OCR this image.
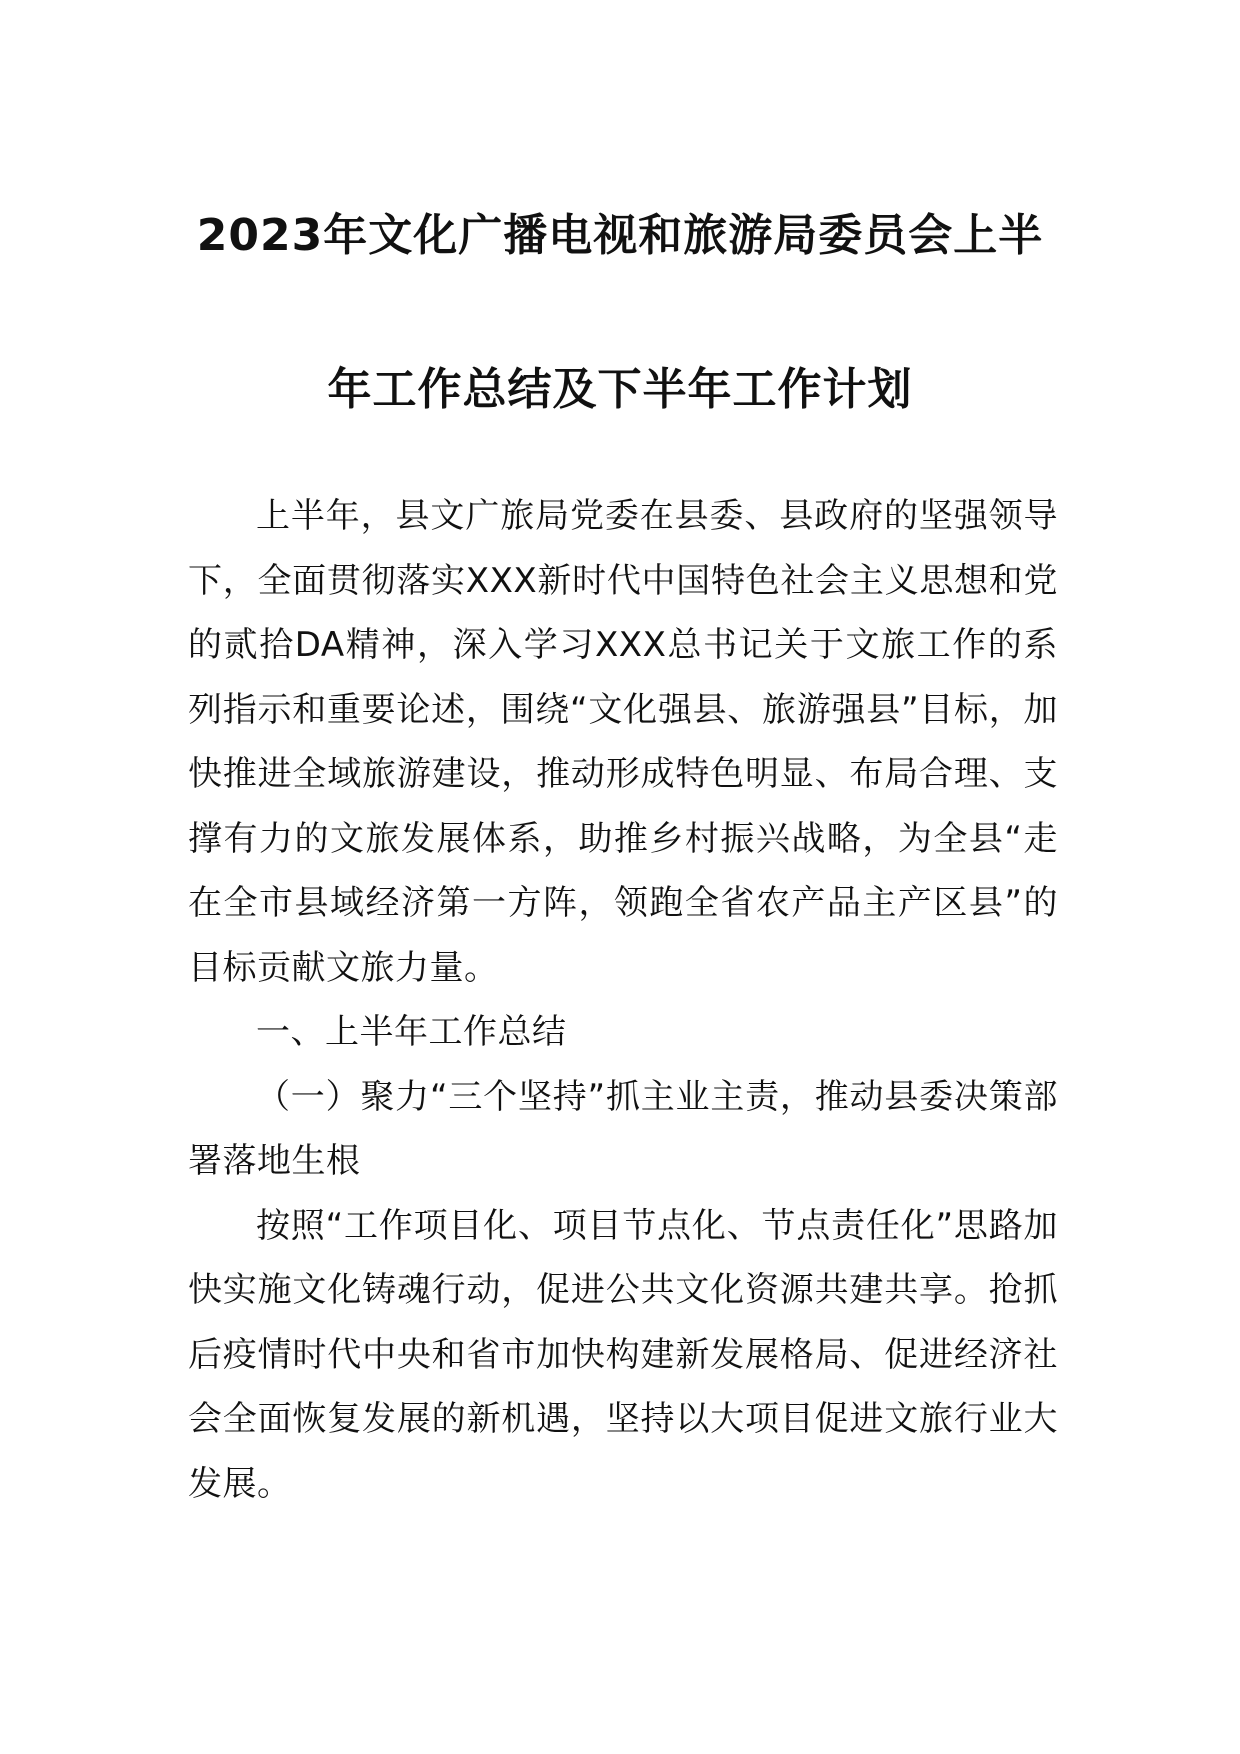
2023年文化广播电视和旅游局委员会上半
年工作总结及下半年工作计划

上半年，县文广旅局党委在县委、县政府的坚强领导下，全面贯彻落实XXX新时代中国特色社会主义思想和党的贰拾DA精神，深入学习XXX总书记关于文旅工作的系列指示和重要论述，围绕“文化强县、旅游强县”目标，加快推进全域旅游建设，推动形成特色明显、布局合理、支撑有力的文旅发展体系，助推乡村振兴战略，为全县“走在全市县域经济第一方阵，领跑全省农产品主产区县”的目标贡献文旅力量。

一、上半年工作总结

（一）聚力“三个坚持”抓主业主责，推动县委决策部署落地生根

按照“工作项目化、项目节点化、节点责任化”思路加快实施文化铸魂行动，促进公共文化资源共建共享。抢抓后疫情时代中央和省市加快构建新发展格局、促进经济社会全面恢复发展的新机遇，坚持以大项目促进文旅行业大发展。
